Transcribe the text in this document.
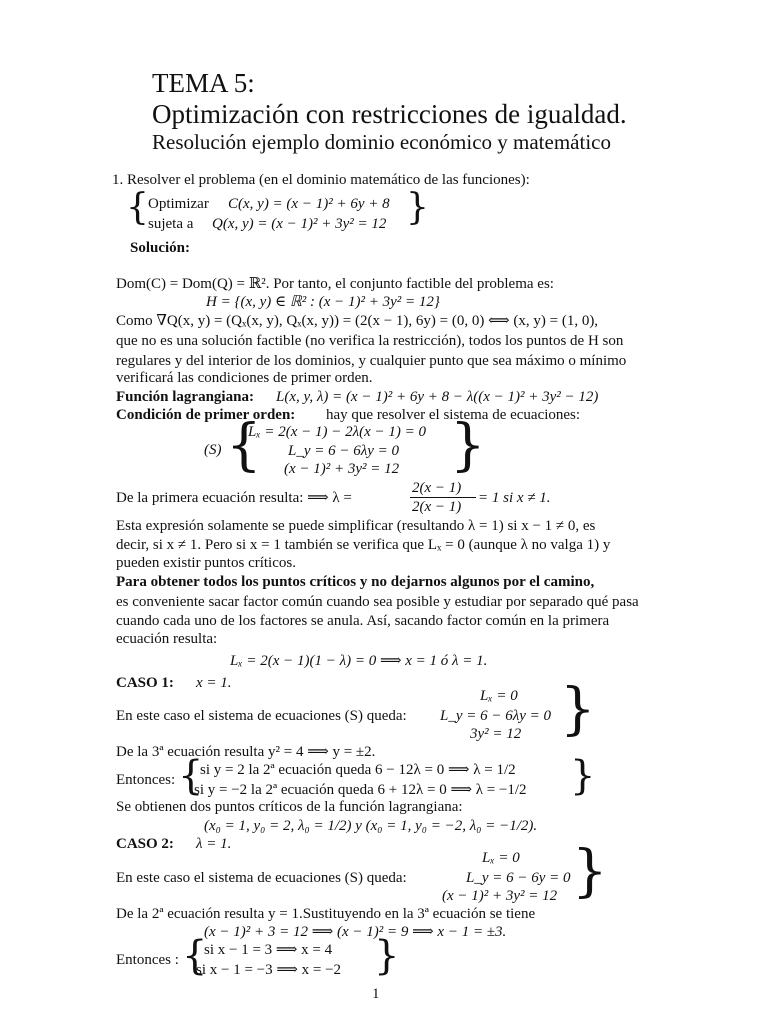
TEMA 5:
Optimización con restricciones de igualdad.
Resolución ejemplo dominio económico y matemático
1. Resolver el problema (en el dominio matemático de las funciones):
{ Optimizar C(x, y) = (x − 1)² + 6y + 8
sujeta a Q(x, y) = (x − 1)² + 3y² = 12 }
Solución:
Dom(C) = Dom(Q) = ℝ². Por tanto, el conjunto factible del problema es:
H = {(x, y) ∈ ℝ² : (x − 1)² + 3y² = 12}
Como ∇Q(x, y) = (Qₓ(x, y), Qₓ(x, y)) = (2(x − 1), 6y) = (0, 0) ⟺ (x, y) = (1, 0),
que no es una solución factible (no verifica la restricción), todos los puntos de H son
regulares y del interior de los dominios, y cualquier punto que sea máximo o mínimo
verificará las condiciones de primer orden.
Función lagrangiana: L(x, y, λ) = (x − 1)² + 6y + 8 − λ((x − 1)² + 3y² − 12)
Condición de primer orden: hay que resolver el sistema de ecuaciones:
(S) {
Lₓ = 2(x − 1) − 2λ(x − 1) = 0
L_y = 6 − 6λy = 0
(x − 1)² + 3y² = 12 }
De la primera ecuación resulta: ⟹ λ =
2(x − 1)
2(x − 1)
= 1 si x ≠ 1.
Esta expresión solamente se puede simplificar (resultando λ = 1) si x − 1 ≠ 0, es
decir, si x ≠ 1. Pero si x = 1 también se verifica que Lₓ = 0 (aunque λ no valga 1) y
pueden existir puntos críticos.
Para obtener todos los puntos críticos y no dejarnos algunos por el camino,
es conveniente sacar factor común cuando sea posible y estudiar por separado qué pasa
cuando cada uno de los factores se anula. Así, sacando factor común en la primera
ecuación resulta:
Lₓ = 2(x − 1)(1 − λ) = 0 ⟹ x = 1 ó λ = 1.
CASO 1: x = 1.
En este caso el sistema de ecuaciones (S) queda:
Lₓ = 0
L_y = 6 − 6λy = 0
3y² = 12 }
De la 3ª ecuación resulta y² = 4 ⟹ y = ±2.
Entonces: {
si y = 2 la 2ª ecuación queda 6 − 12λ = 0 ⟹ λ = 1/2
si y = −2 la 2ª ecuación queda 6 + 12λ = 0 ⟹ λ = −1/2 }
Se obtienen dos puntos críticos de la función lagrangiana:
(x₀ = 1, y₀ = 2, λ₀ = 1/2) y (x₀ = 1, y₀ = −2, λ₀ = −1/2).
CASO 2: λ = 1.
En este caso el sistema de ecuaciones (S) queda:
Lₓ = 0
L_y = 6 − 6y = 0
(x − 1)² + 3y² = 12 }
De la 2ª ecuación resulta y = 1.Sustituyendo en la 3ª ecuación se tiene
(x − 1)² + 3 = 12 ⟹ (x − 1)² = 9 ⟹ x − 1 = ±3.
Entonces : {
si x − 1 = 3 ⟹ x = 4
si x − 1 = −3 ⟹ x = −2 }
1
